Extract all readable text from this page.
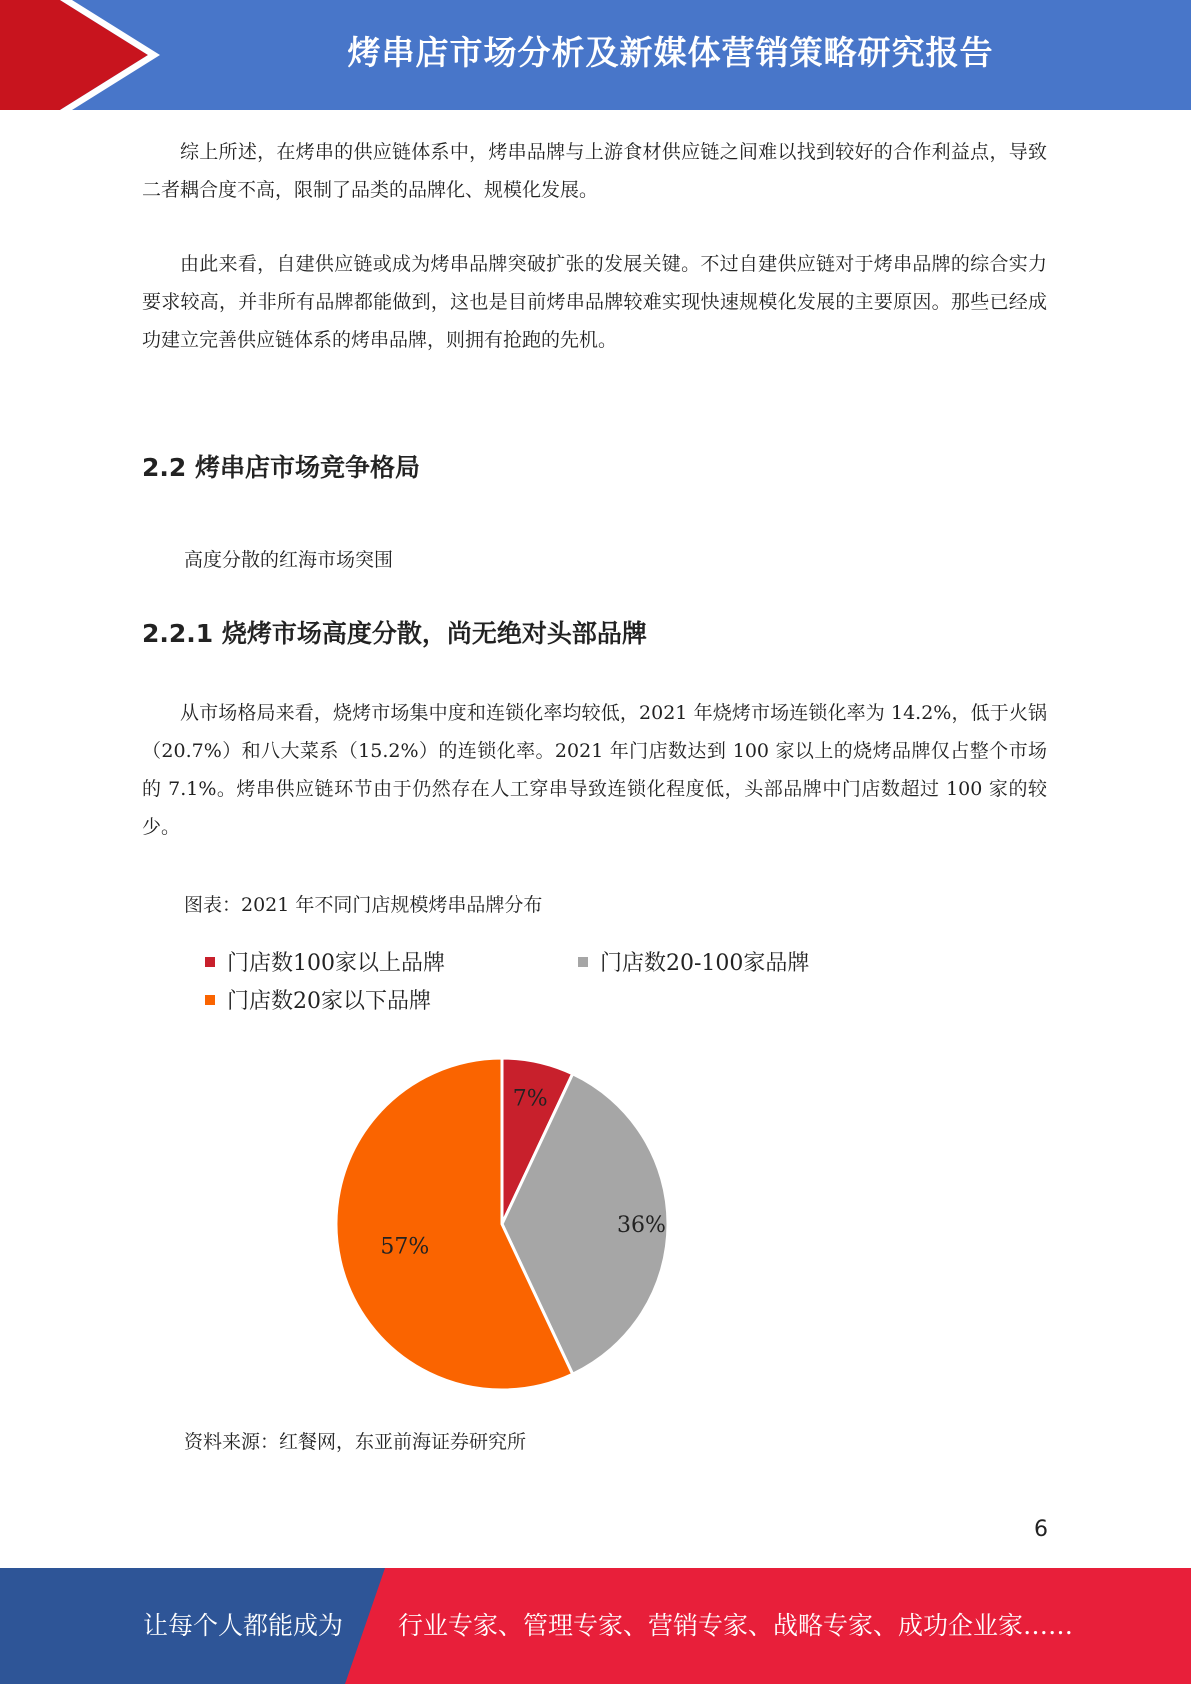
烤串店市场分析及新媒体营销策略研究报告

综上所述，在烤串的供应链体系中，烤串品牌与上游食材供应链之间难以找到较好的合作利益点，导致二者耦合度不高，限制了品类的品牌化、规模化发展。

由此来看，自建供应链或成为烤串品牌突破扩张的发展关键。不过自建供应链对于烤串品牌的综合实力要求较高，并非所有品牌都能做到，这也是目前烤串品牌较难实现快速规模化发展的主要原因。那些已经成功建立完善供应链体系的烤串品牌，则拥有抢跑的先机。

2.2 烤串店市场竞争格局

高度分散的红海市场突围

2.2.1 烧烤市场高度分散，尚无绝对头部品牌

从市场格局来看，烧烤市场集中度和连锁化率均较低，2021 年烧烤市场连锁化率为 14.2%，低于火锅（20.7%）和八大菜系（15.2%）的连锁化率。2021 年门店数达到 100 家以上的烧烤品牌仅占整个市场的 7.1%。烤串供应链环节由于仍然存在人工穿串导致连锁化程度低，头部品牌中门店数超过 100 家的较少。

图表：2021 年不同门店规模烤串品牌分布

门店数100家以上品牌	门店数20-100家品牌
门店数20家以下品牌
7%
36%
57%

资料来源：红餐网，东亚前海证券研究所

6
让每个人都能成为 行业专家、管理专家、营销专家、战略专家、成功企业家……
